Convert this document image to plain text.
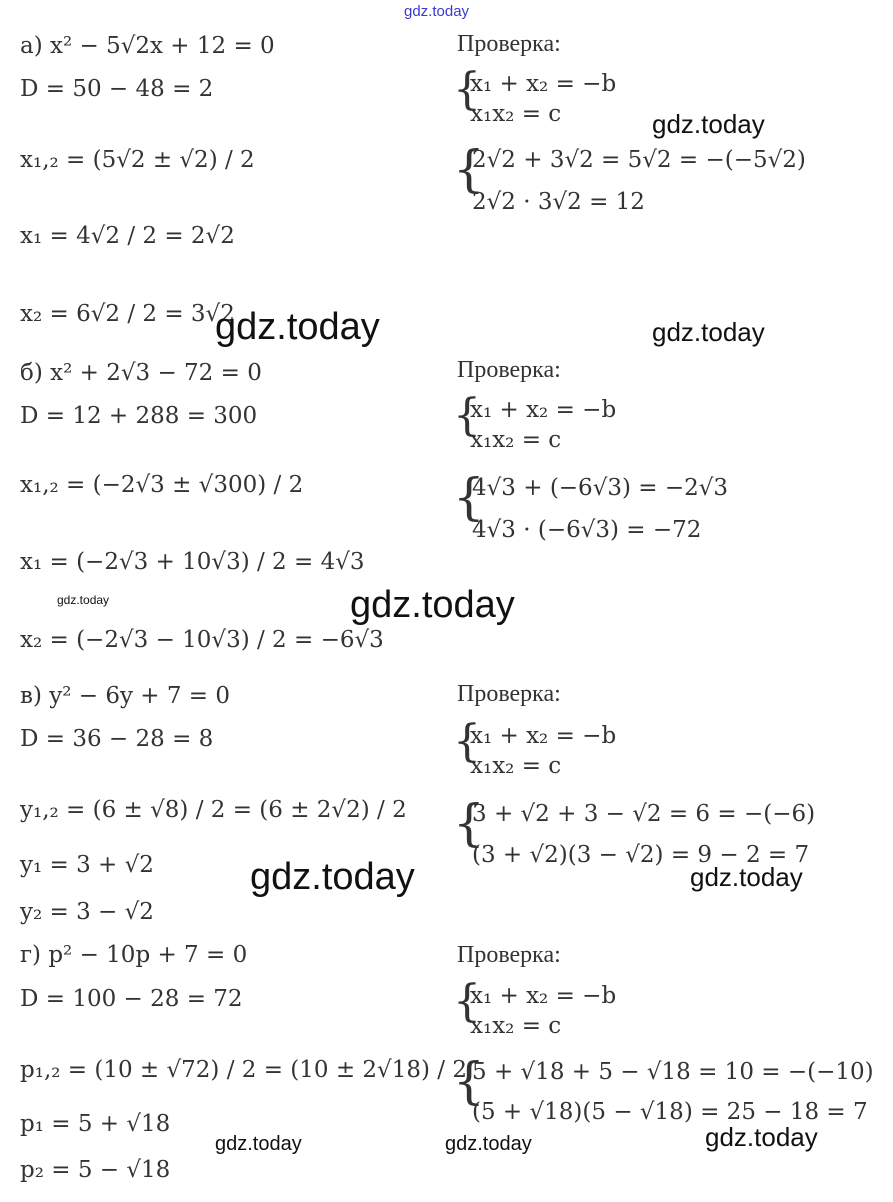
gdz.today
а) x² − 5√2x + 12 = 0
D = 50 − 48 = 2
x₁,₂ = (5√2 ± √2) / 2
x₁ = 4√2 / 2 = 2√2
x₂ = 6√2 / 2 = 3√2
Проверка:
{
x₁ + x₂ = −b
x₁x₂ = c
{
2√2 + 3√2 = 5√2 = −(−5√2)
2√2 · 3√2 = 12
б) x² + 2√3 − 72 = 0
D = 12 + 288 = 300
x₁,₂ = (−2√3 ± √300) / 2
x₁ = (−2√3 + 10√3) / 2 = 4√3
x₂ = (−2√3 − 10√3) / 2 = −6√3
Проверка:
{
x₁ + x₂ = −b
x₁x₂ = c
{
4√3 + (−6√3) = −2√3
4√3 · (−6√3) = −72
в) y² − 6y + 7 = 0
D = 36 − 28 = 8
y₁,₂ = (6 ± √8) / 2 = (6 ± 2√2) / 2
y₁ = 3 + √2
y₂ = 3 − √2
Проверка:
{
x₁ + x₂ = −b
x₁x₂ = c
{
3 + √2 + 3 − √2 = 6 = −(−6)
(3 + √2)(3 − √2) = 9 − 2 = 7
г) p² − 10p + 7 = 0
D = 100 − 28 = 72
p₁,₂ = (10 ± √72) / 2 = (10 ± 2√18) / 2
p₁ = 5 + √18
p₂ = 5 − √18
Проверка:
{
x₁ + x₂ = −b
x₁x₂ = c
{
5 + √18 + 5 − √18 = 10 = −(−10)
(5 + √18)(5 − √18) = 25 − 18 = 7
gdz.today
gdz.today	gdz.today
gdz.today	gdz.today
gdz.today	gdz.today
gdz.today
gdz.today	gdz.today
